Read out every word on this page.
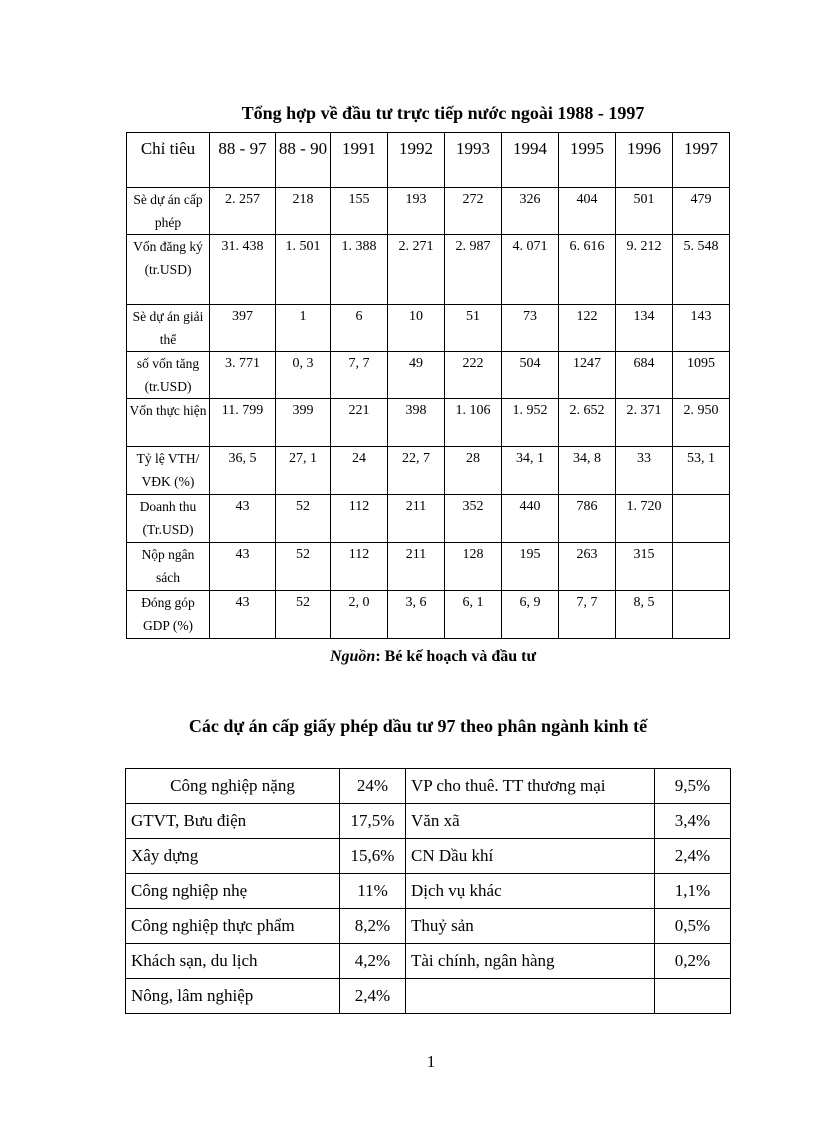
Tổng hợp về đầu tư trực tiếp nước ngoài 1988 - 1997
Chỉ tiêu	88 - 97	88 - 90	1991	1992	1993	1994	1995	1996	1997
Sè dự án cấp phép	2. 257	218	155	193	272	326	404	501	479
Vốn đăng ký (tr.USD)	31. 438	1. 501	1. 388	2. 271	2. 987	4. 071	6. 616	9. 212	5. 548
Sè dự án giải thể	397	1	6	10	51	73	122	134	143
số vốn tăng (tr.USD)	3. 771	0, 3	7, 7	49	222	504	1247	684	1095
Vốn thực hiện	11. 799	399	221	398	1. 106	1. 952	2. 652	2. 371	2. 950
Tỷ lệ VTH/ VĐK (%)	36, 5	27, 1	24	22, 7	28	34, 1	34, 8	33	53, 1
Doanh thu (Tr.USD)	43	52	112	211	352	440	786	1. 720	
Nộp ngân sách	43	52	112	211	128	195	263	315	
Đóng góp GDP (%)	43	52	2, 0	3, 6	6, 1	6, 9	7, 7	8, 5	
Nguồn: Bé kế hoạch và đầu tư
Các dự án cấp giấy phép dầu tư 97 theo phân ngành kinh tế
Công nghiệp nặng	24%	VP cho thuê. TT thương mại	9,5%
GTVT, Bưu điện	17,5%	Văn xã	3,4%
Xây dựng	15,6%	CN Dầu khí	2,4%
Công nghiệp nhẹ	11%	Dịch vụ khác	1,1%
Công nghiệp thực phẩm	8,2%	Thuỷ sản	0,5%
Khách sạn, du lịch	4,2%	Tài chính, ngân hàng	0,2%
Nông, lâm nghiệp	2,4%		
1
